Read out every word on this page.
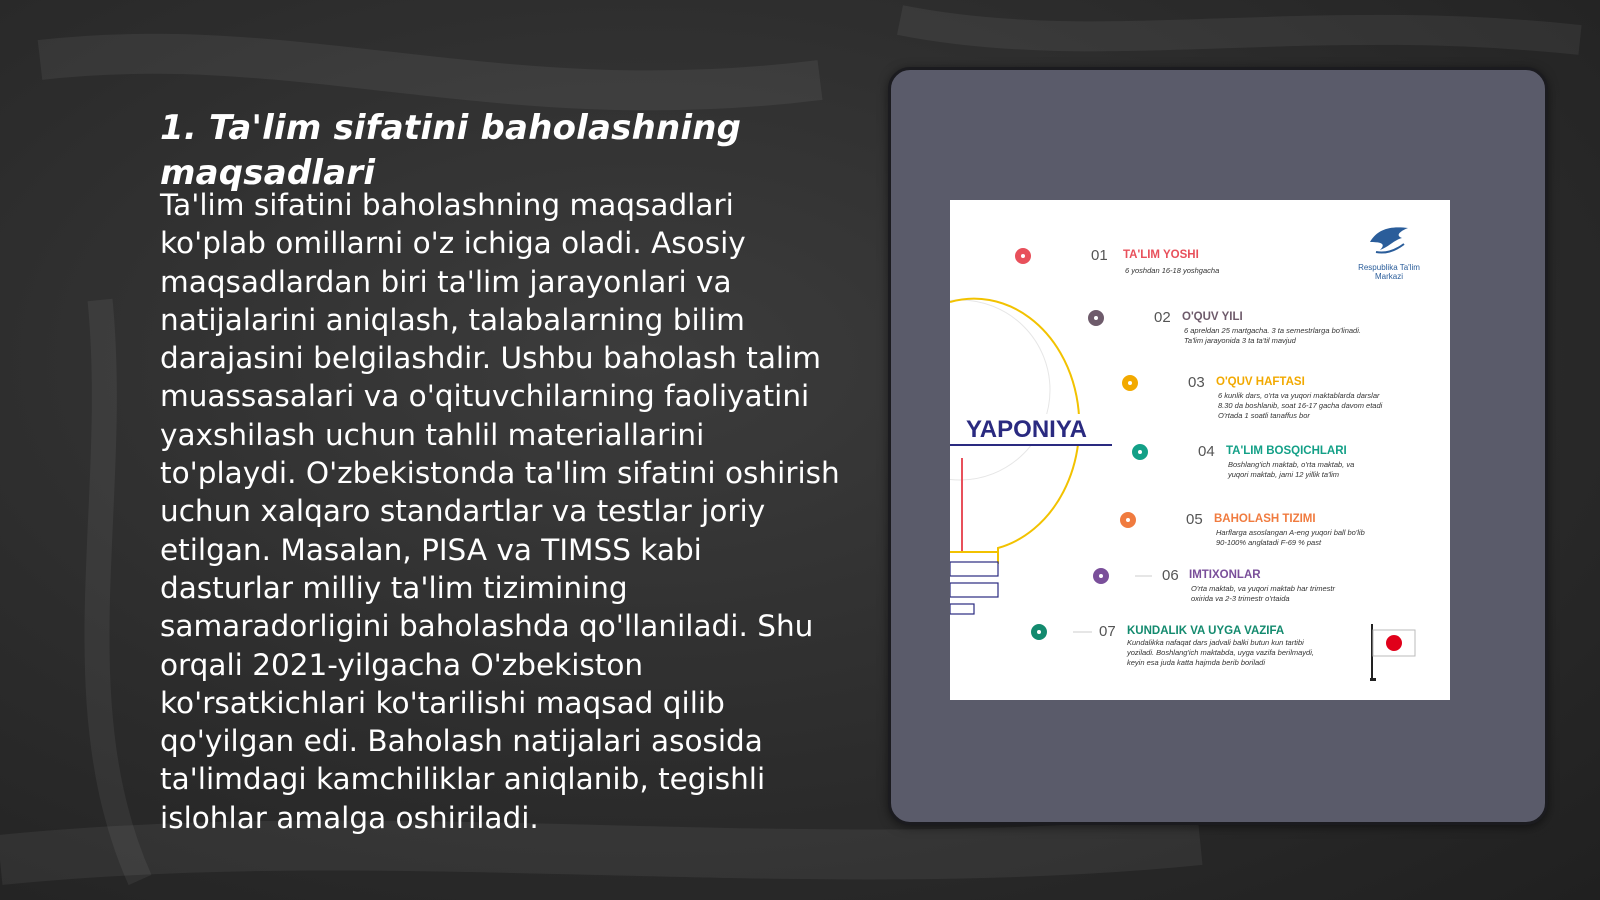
1. Ta'lim sifatini baholashning maqsadlari

Ta'lim sifatini baholashning maqsadlari ko'plab omillarni o'z ichiga oladi. Asosiy maqsadlardan biri ta'lim jarayonlari va natijalarini aniqlash, talabalarning bilim darajasini belgilashdir. Ushbu baholash talim muassasalari va o'qituvchilarning faoliyatini yaxshilash uchun tahlil materiallarini to'playdi. O'zbekistonda ta'lim sifatini oshirish uchun xalqaro standartlar va testlar joriy etilgan. Masalan, PISA va TIMSS kabi dasturlar milliy ta'lim tizimining samaradorligini baholashda qo'llaniladi. Shu orqali 2021-yilgacha O'zbekiston ko'rsatkichlari ko'tarilishi maqsad qilib qo'yilgan edi. Baholash natijalari asosida ta'limdagi kamchiliklar aniqlanib, tegishli islohlar amalga oshiriladi.

YAPONIYA
Respublika Ta'lim Markazi
01 TA'LIM YOSHI
6 yoshdan 16-18 yoshgacha
02 O'QUV YILI
6 apreldan 25 martgacha. 3 ta semestrlarga bo'linadi.
Ta'lim jarayonida 3 ta ta'til mavjud
03 O'QUV HAFTASI
6 kunlik dars, o'rta va yuqori maktablarda darslar
8.30 da boshlanib, soat 16-17 gacha davom etadi
O'rtada 1 soatli tanaffus bor
04 TA'LIM BOSQICHLARI
Boshlang'ich maktab, o'rta maktab, va
yuqori maktab, jami 12 yillik ta'lim
05 BAHOLASH TIZIMI
Harflarga asoslangan A-eng yuqori ball bo'lib
90-100% anglatadi F-69 % past
06 IMTIXONLAR
O'rta maktab, va yuqori maktab har trimestr
oxirida va 2-3 trimestr o'rtaida
07 KUNDALIK VA UYGA VAZIFA
Kundalikka nafaqat dars jadvali balki butun kun tartibi
yoziladi. Boshlang'ich maktabda, uyga vazifa berilmaydi,
keyin esa juda katta hajmda berib boriladi
